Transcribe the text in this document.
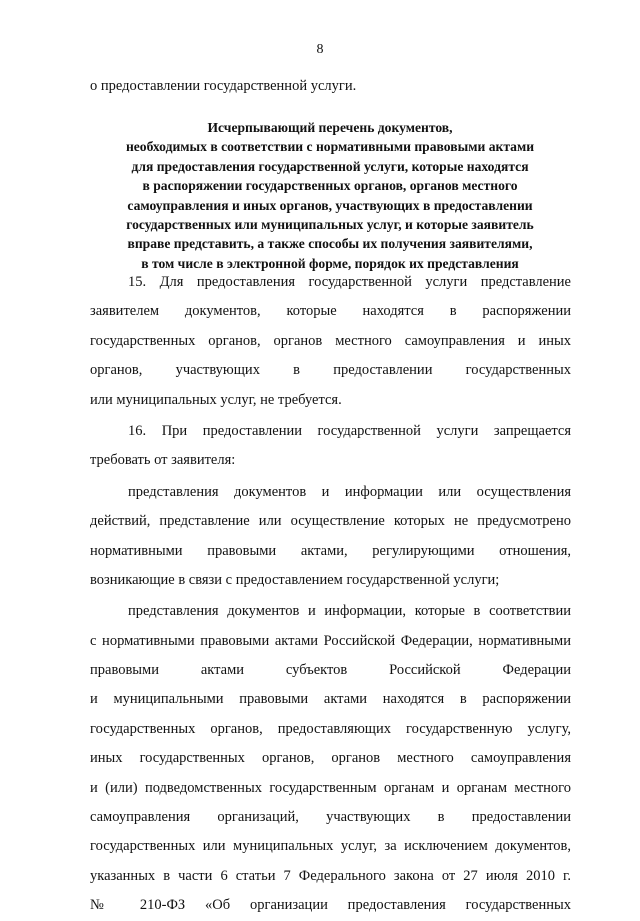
8
о предоставлении государственной услуги.
Исчерпывающий перечень документов,
необходимых в соответствии с нормативными правовыми актами
для предоставления государственной услуги, которые находятся
в распоряжении государственных органов, органов местного
самоуправления и иных органов, участвующих в предоставлении
государственных или муниципальных услуг, и которые заявитель
вправе представить, а также способы их получения заявителями,
в том числе в электронной форме, порядок их представления
15. Для предоставления государственной услуги представление
заявителем документов, которые находятся в распоряжении
государственных органов, органов местного самоуправления и иных
органов, участвующих в предоставлении государственных
или муниципальных услуг, не требуется.
16. При предоставлении государственной услуги запрещается
требовать от заявителя:
представления документов и информации или осуществления
действий, представление или осуществление которых не предусмотрено
нормативными правовыми актами, регулирующими отношения,
возникающие в связи с предоставлением государственной услуги;
представления документов и информации, которые в соответствии
с нормативными правовыми актами Российской Федерации, нормативными
правовыми актами субъектов Российской Федерации
и муниципальными правовыми актами находятся в распоряжении
государственных органов, предоставляющих государственную услугу,
иных государственных органов, органов местного самоуправления
и (или) подведомственных государственным органам и органам местного
самоуправления организаций, участвующих в предоставлении
государственных или муниципальных услуг, за исключением документов,
указанных в части 6 статьи 7 Федерального закона от 27 июля 2010 г.
№ 210-ФЗ «Об организации предоставления государственных
